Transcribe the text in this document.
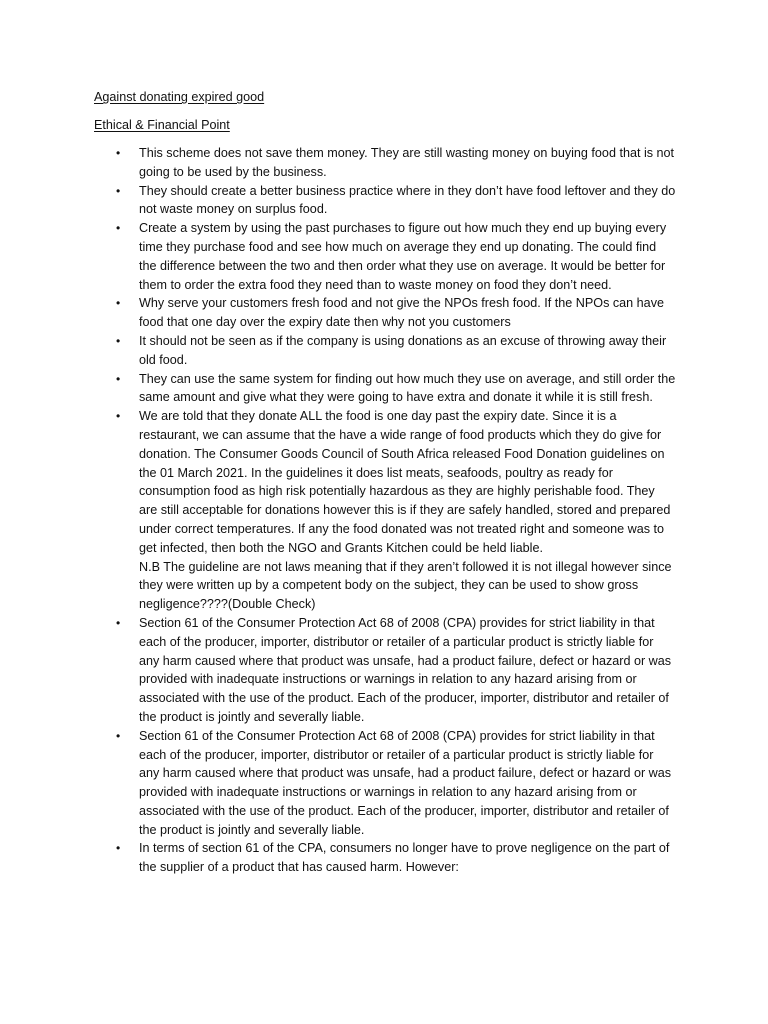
Against donating expired good

Ethical & Financial Point

• This scheme does not save them money. They are still wasting money on buying food that is not going to be used by the business.
• They should create a better business practice where in they don’t have food leftover and they do not waste money on surplus food.
• Create a system by using the past purchases to figure out how much they end up buying every time they purchase food and see how much on average they end up donating. The could find the difference between the two and then order what they use on average. It would be better for them to order the extra food they need than to waste money on food they don’t need.
• Why serve your customers fresh food and not give the NPOs fresh food. If the NPOs can have food that one day over the expiry date then why not you customers
• It should not be seen as if the company is using donations as an excuse of throwing away their old food.
• They can use the same system for finding out how much they use on average, and still order the same amount and give what they were going to have extra and donate it while it is still fresh.
• We are told that they donate ALL the food is one day past the expiry date. Since it is a restaurant, we can assume that the have a wide range of food products which they do give for donation. The Consumer Goods Council of South Africa released Food Donation guidelines on the 01 March 2021. In the guidelines it does list meats, seafoods, poultry as ready for consumption food as high risk potentially hazardous as they are highly perishable food. They are still acceptable for donations however this is if they are safely handled, stored and prepared under correct temperatures. If any the food donated was not treated right and someone was to get infected, then both the NGO and Grants Kitchen could be held liable.
N.B The guideline are not laws meaning that if they aren’t followed it is not illegal however since they were written up by a competent body on the subject, they can be used to show gross negligence????(Double Check)
• Section 61 of the Consumer Protection Act 68 of 2008 (CPA) provides for strict liability in that each of the producer, importer, distributor or retailer of a particular product is strictly liable for any harm caused where that product was unsafe, had a product failure, defect or hazard or was provided with inadequate instructions or warnings in relation to any hazard arising from or associated with the use of the product. Each of the producer, importer, distributor and retailer of the product is jointly and severally liable.
• Section 61 of the Consumer Protection Act 68 of 2008 (CPA) provides for strict liability in that each of the producer, importer, distributor or retailer of a particular product is strictly liable for any harm caused where that product was unsafe, had a product failure, defect or hazard or was provided with inadequate instructions or warnings in relation to any hazard arising from or associated with the use of the product. Each of the producer, importer, distributor and retailer of the product is jointly and severally liable.
• In terms of section 61 of the CPA, consumers no longer have to prove negligence on the part of the supplier of a product that has caused harm. However:
